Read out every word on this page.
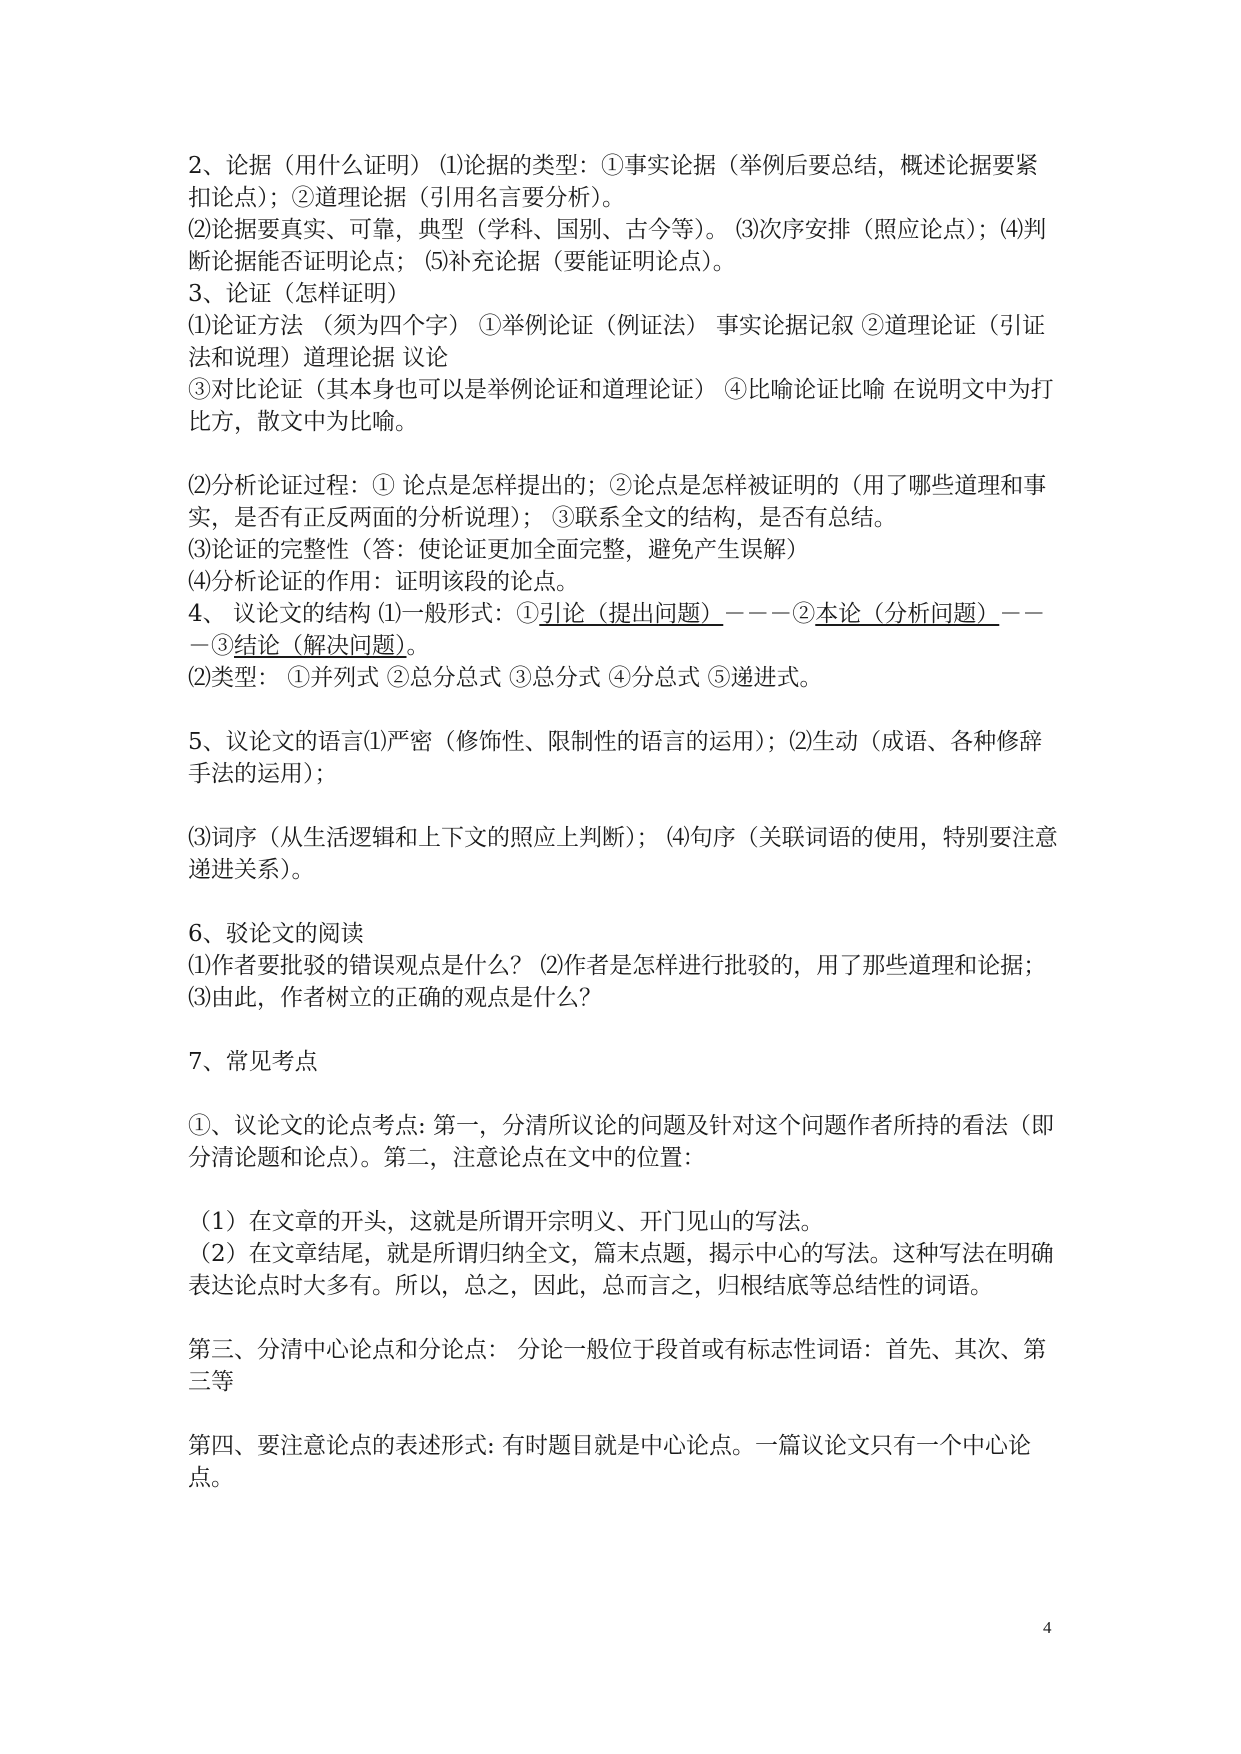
2、论据（用什么证明） ⑴论据的类型：①事实论据（举例后要总结，概述论据要紧扣论点）；②道理论据（引用名言要分析）。

⑵论据要真实、可靠，典型（学科、国别、古今等）。 ⑶次序安排（照应论点）；⑷判断论据能否证明论点； ⑸补充论据（要能证明论点）。

3、论证（怎样证明）

⑴论证方法 （须为四个字） ①举例论证（例证法） 事实论据记叙 ②道理论证（引证法和说理）道理论据 议论

③对比论证（其本身也可以是举例论证和道理论证） ④比喻论证比喻 在说明文中为打比方，散文中为比喻。

⑵分析论证过程：① 论点是怎样提出的；②论点是怎样被证明的（用了哪些道理和事实，是否有正反两面的分析说理）； ③联系全文的结构，是否有总结。

⑶论证的完整性（答：使论证更加全面完整，避免产生误解）

⑷分析论证的作用：证明该段的论点。

4、 议论文的结构 ⑴一般形式：①引论（提出问题）－－－②本论（分析问题）－－－③结论（解决问题）。

⑵类型： ①并列式 ②总分总式 ③总分式 ④分总式 ⑤递进式。

5、议论文的语言⑴严密（修饰性、限制性的语言的运用）；⑵生动（成语、各种修辞手法的运用）；

⑶词序（从生活逻辑和上下文的照应上判断）； ⑷句序（关联词语的使用，特别要注意递进关系）。

6、驳论文的阅读

⑴作者要批驳的错误观点是什么？ ⑵作者是怎样进行批驳的，用了那些道理和论据； ⑶由此，作者树立的正确的观点是什么？

7、常见考点

①、议论文的论点考点: 第一，分清所议论的问题及针对这个问题作者所持的看法（即分清论题和论点）。第二，注意论点在文中的位置：

（1）在文章的开头，这就是所谓开宗明义、开门见山的写法。

（2）在文章结尾，就是所谓归纳全文，篇末点题，揭示中心的写法。这种写法在明确表达论点时大多有。所以，总之，因此，总而言之，归根结底等总结性的词语。

第三、分清中心论点和分论点： 分论一般位于段首或有标志性词语：首先、其次、第三等

第四、要注意论点的表述形式: 有时题目就是中心论点。一篇议论文只有一个中心论点。

4
